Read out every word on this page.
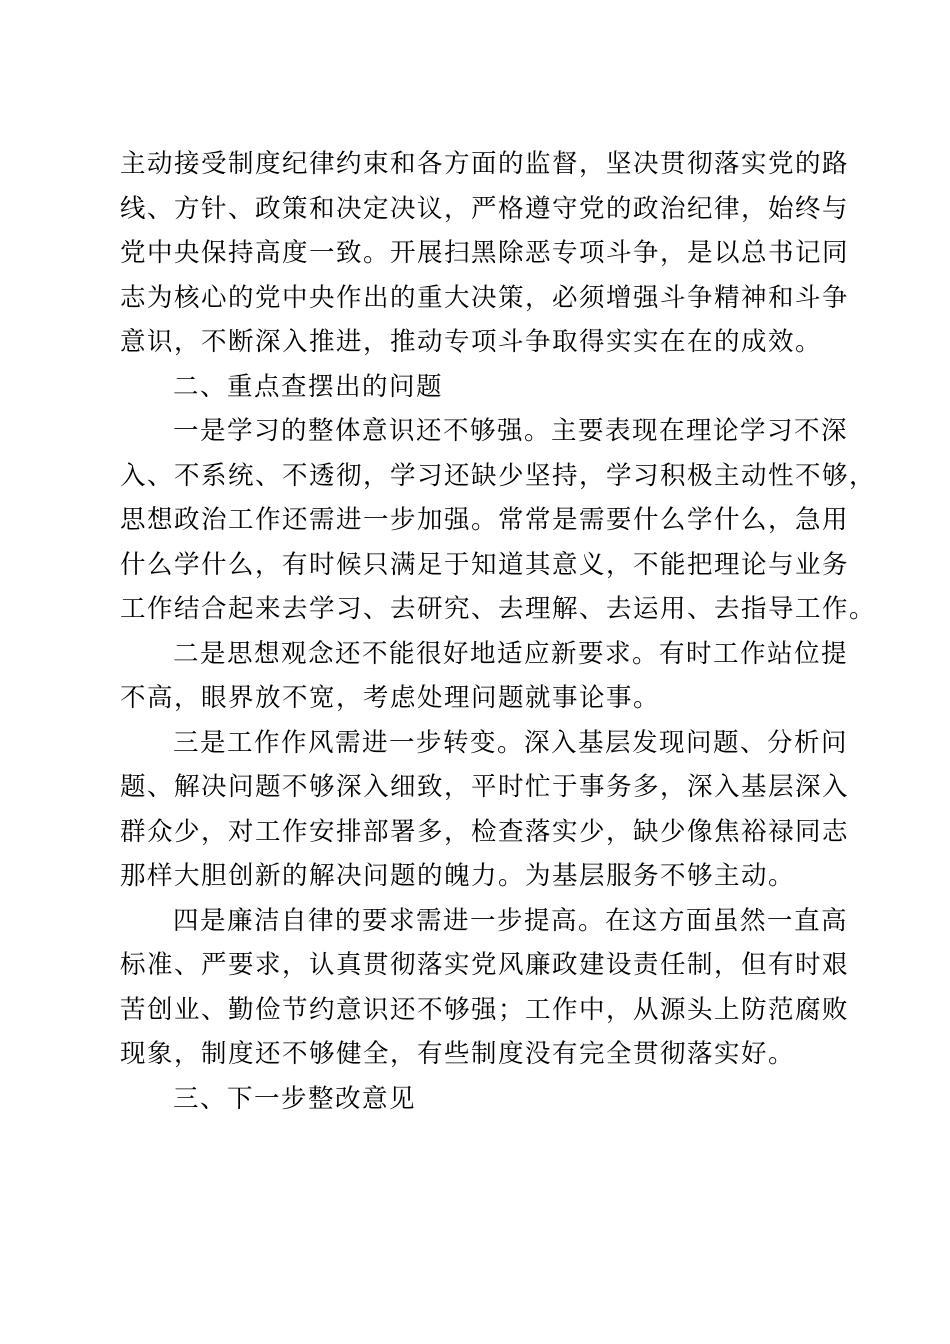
主动接受制度纪律约束和各方面的监督，坚决贯彻落实党的路
线、方针、政策和决定决议，严格遵守党的政治纪律，始终与
党中央保持高度一致。开展扫黑除恶专项斗争，是以总书记同
志为核心的党中央作出的重大决策，必须增强斗争精神和斗争
意识，不断深入推进，推动专项斗争取得实实在在的成效。
二、重点查摆出的问题
一是学习的整体意识还不够强。主要表现在理论学习不深
入、不系统、不透彻，学习还缺少坚持，学习积极主动性不够，
思想政治工作还需进一步加强。常常是需要什么学什么，急用
什么学什么，有时候只满足于知道其意义，不能把理论与业务
工作结合起来去学习、去研究、去理解、去运用、去指导工作。
二是思想观念还不能很好地适应新要求。有时工作站位提
不高，眼界放不宽，考虑处理问题就事论事。
三是工作作风需进一步转变。深入基层发现问题、分析问
题、解决问题不够深入细致，平时忙于事务多，深入基层深入
群众少，对工作安排部署多，检查落实少，缺少像焦裕禄同志
那样大胆创新的解决问题的魄力。为基层服务不够主动。
四是廉洁自律的要求需进一步提高。在这方面虽然一直高
标准、严要求，认真贯彻落实党风廉政建设责任制，但有时艰
苦创业、勤俭节约意识还不够强；工作中，从源头上防范腐败
现象，制度还不够健全，有些制度没有完全贯彻落实好。
三、下一步整改意见
